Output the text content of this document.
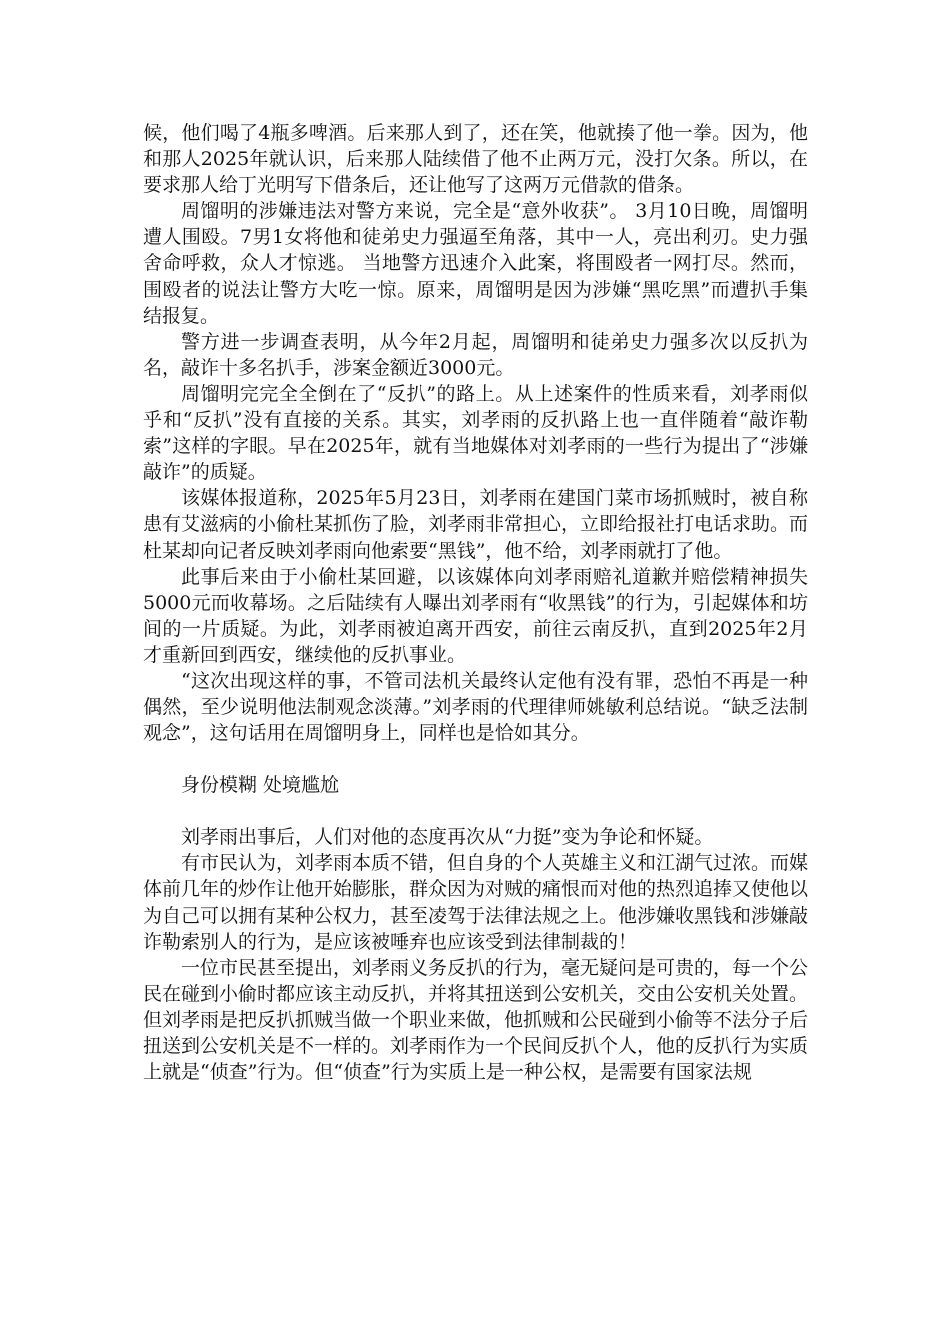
候，他们喝了4瓶多啤酒。后来那人到了，还在笑，他就揍了他一拳。因为，他和那人2025年就认识，后来那人陆续借了他不止两万元，没打欠条。所以，在要求那人给丁光明写下借条后，还让他写了这两万元借款的借条。

周馏明的涉嫌违法对警方来说，完全是“意外收获”。 3月10日晚，周馏明遭人围殴。7男1女将他和徒弟史力强逼至角落，其中一人，亮出利刃。史力强舍命呼救，众人才惊逃。 当地警方迅速介入此案，将围殴者一网打尽。然而，围殴者的说法让警方大吃一惊。原来，周馏明是因为涉嫌“黑吃黑”而遭扒手集结报复。

警方进一步调查表明，从今年2月起，周馏明和徒弟史力强多次以反扒为名，敲诈十多名扒手，涉案金额近3000元。

周馏明完完全全倒在了“反扒”的路上。从上述案件的性质来看，刘孝雨似乎和“反扒”没有直接的关系。其实，刘孝雨的反扒路上也一直伴随着“敲诈勒索”这样的字眼。早在2025年，就有当地媒体对刘孝雨的一些行为提出了“涉嫌敲诈”的质疑。

该媒体报道称，2025年5月23日，刘孝雨在建国门菜市场抓贼时，被自称患有艾滋病的小偷杜某抓伤了脸，刘孝雨非常担心，立即给报社打电话求助。而杜某却向记者反映刘孝雨向他索要“黑钱”，他不给，刘孝雨就打了他。

此事后来由于小偷杜某回避，以该媒体向刘孝雨赔礼道歉并赔偿精神损失5000元而收幕场。之后陆续有人曝出刘孝雨有“收黑钱”的行为，引起媒体和坊间的一片质疑。为此，刘孝雨被迫离开西安，前往云南反扒，直到2025年2月才重新回到西安，继续他的反扒事业。

“这次出现这样的事，不管司法机关最终认定他有没有罪，恐怕不再是一种偶然，至少说明他法制观念淡薄。”刘孝雨的代理律师姚敏利总结说。“缺乏法制观念”，这句话用在周馏明身上，同样也是恰如其分。

身份模糊 处境尴尬

刘孝雨出事后，人们对他的态度再次从“力挺”变为争论和怀疑。

有市民认为，刘孝雨本质不错，但自身的个人英雄主义和江湖气过浓。而媒体前几年的炒作让他开始膨胀，群众因为对贼的痛恨而对他的热烈追捧又使他以为自己可以拥有某种公权力，甚至凌驾于法律法规之上。他涉嫌收黑钱和涉嫌敲诈勒索别人的行为，是应该被唾弃也应该受到法律制裁的！

一位市民甚至提出，刘孝雨义务反扒的行为，毫无疑问是可贵的，每一个公民在碰到小偷时都应该主动反扒，并将其扭送到公安机关，交由公安机关处置。但刘孝雨是把反扒抓贼当做一个职业来做，他抓贼和公民碰到小偷等不法分子后扭送到公安机关是不一样的。刘孝雨作为一个民间反扒个人，他的反扒行为实质上就是“侦查”行为。但“侦查”行为实质上是一种公权，是需要有国家法规
